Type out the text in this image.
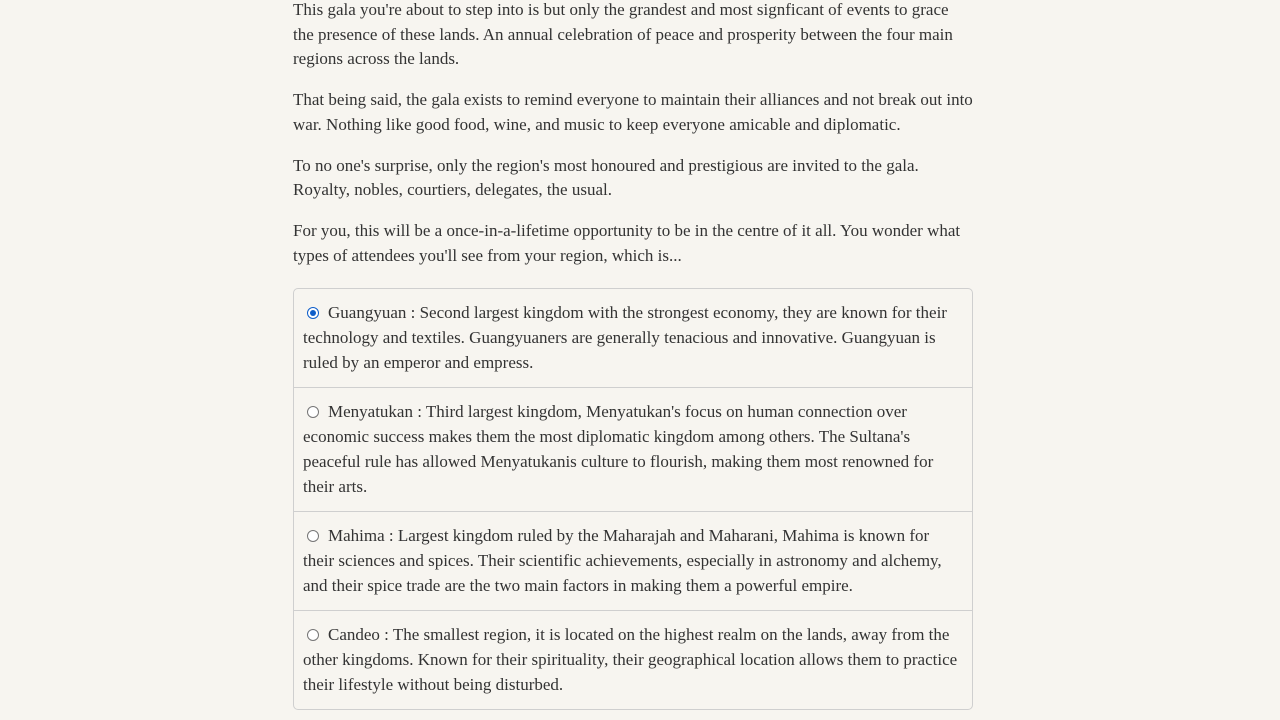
This gala you're about to step into is but only the grandest and most signficant of events to grace the presence of these lands. An annual celebration of peace and prosperity between the four main regions across the lands.

That being said, the gala exists to remind everyone to maintain their alliances and not break out into war. Nothing like good food, wine, and music to keep everyone amicable and diplomatic.

To no one's surprise, only the region's most honoured and prestigious are invited to the gala. Royalty, nobles, courtiers, delegates, the usual.

For you, this will be a once-in-a-lifetime opportunity to be in the centre of it all. You wonder what types of attendees you'll see from your region, which is...

Guangyuan : Second largest kingdom with the strongest economy, they are known for their technology and textiles. Guangyuaners are generally tenacious and innovative. Guangyuan is ruled by an emperor and empress.
Menyatukan : Third largest kingdom, Menyatukan's focus on human connection over economic success makes them the most diplomatic kingdom among others. The Sultana's peaceful rule has allowed Menyatukanis culture to flourish, making them most renowned for their arts.
Mahima : Largest kingdom ruled by the Maharajah and Maharani, Mahima is known for their sciences and spices. Their scientific achievements, especially in astronomy and alchemy, and their spice trade are the two main factors in making them a powerful empire.
Candeo : The smallest region, it is located on the highest realm on the lands, away from the other kingdoms. Known for their spirituality, their geographical location allows them to practice their lifestyle without being disturbed.
